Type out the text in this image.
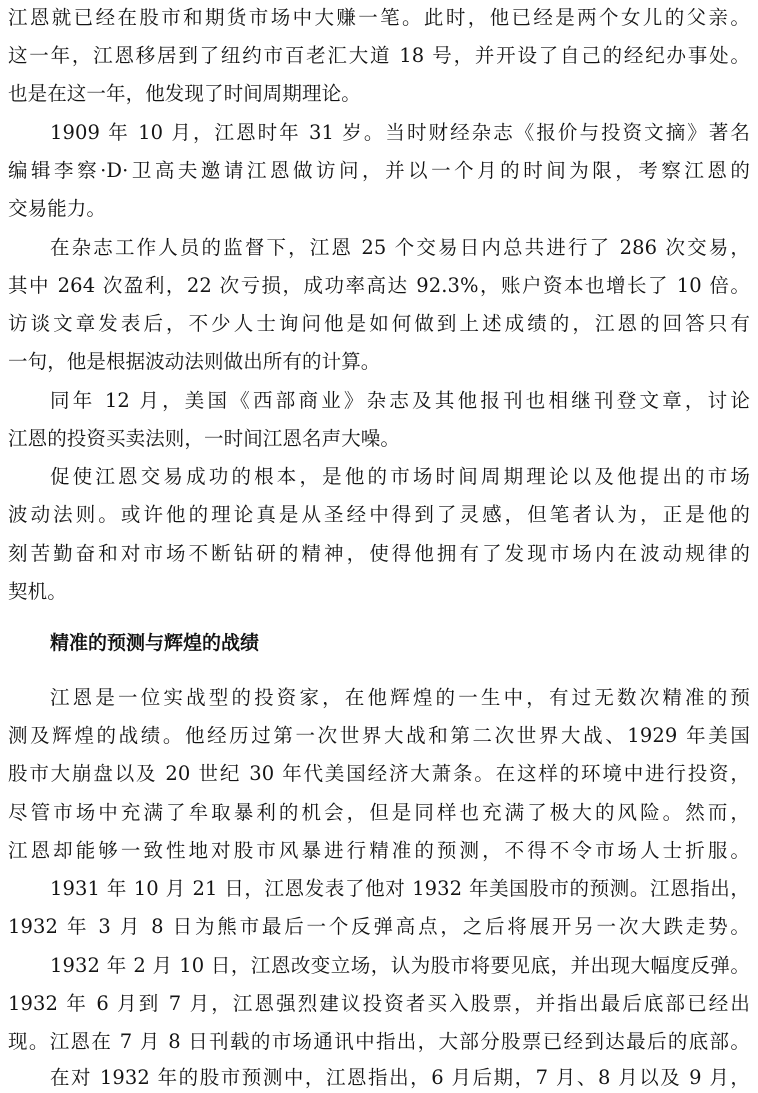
江恩就已经在股市和期货市场中大赚一笔。此时，他已经是两个女儿的父亲。
这一年，江恩移居到了纽约市百老汇大道 18 号，并开设了自己的经纪办事处。
也是在这一年，他发现了时间周期理论。
1909 年 10 月，江恩时年 31 岁。当时财经杂志《报价与投资文摘》著名
编辑李察·D·卫高夫邀请江恩做访问，并以一个月的时间为限，考察江恩的
交易能力。
在杂志工作人员的监督下，江恩 25 个交易日内总共进行了 286 次交易，
其中 264 次盈利，22 次亏损，成功率高达 92.3%，账户资本也增长了 10 倍。
访谈文章发表后，不少人士询问他是如何做到上述成绩的，江恩的回答只有
一句，他是根据波动法则做出所有的计算。
同年 12 月，美国《西部商业》杂志及其他报刊也相继刊登文章，讨论
江恩的投资买卖法则，一时间江恩名声大噪。
促使江恩交易成功的根本，是他的市场时间周期理论以及他提出的市场
波动法则。或许他的理论真是从圣经中得到了灵感，但笔者认为，正是他的
刻苦勤奋和对市场不断钻研的精神，使得他拥有了发现市场内在波动规律的
契机。
精准的预测与辉煌的战绩
江恩是一位实战型的投资家，在他辉煌的一生中，有过无数次精准的预
测及辉煌的战绩。他经历过第一次世界大战和第二次世界大战、1929 年美国
股市大崩盘以及 20 世纪 30 年代美国经济大萧条。在这样的环境中进行投资，
尽管市场中充满了牟取暴利的机会，但是同样也充满了极大的风险。然而，
江恩却能够一致性地对股市风暴进行精准的预测，不得不令市场人士折服。
1931 年 10 月 21 日，江恩发表了他对 1932 年美国股市的预测。江恩指出，
1932 年 3 月 8 日为熊市最后一个反弹高点，之后将展开另一次大跌走势。
1932 年 2 月 10 日，江恩改变立场，认为股市将要见底，并出现大幅度反弹。
1932 年 6 月到 7 月，江恩强烈建议投资者买入股票，并指出最后底部已经出
现。江恩在 7 月 8 日刊载的市场通讯中指出，大部分股票已经到达最后的底部。
在对 1932 年的股市预测中，江恩指出，6 月后期，7 月、8 月以及 9 月，
